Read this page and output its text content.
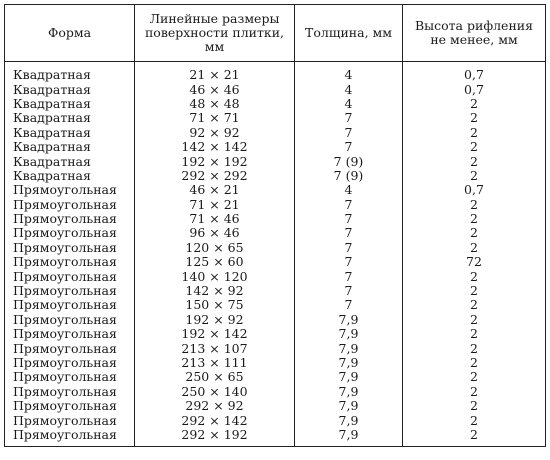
Форма	Линейные размеры поверхности плитки, мм	Толщина, мм	Высота рифления не менее, мм
Квадратная	21 × 21	4	0,7
Квадратная	46 × 46	4	0,7
Квадратная	48 × 48	4	2
Квадратная	71 × 71	7	2
Квадратная	92 × 92	7	2
Квадратная	142 × 142	7	2
Квадратная	192 × 192	7 (9)	2
Квадратная	292 × 292	7 (9)	2
Прямоугольная	46 × 21	4	0,7
Прямоугольная	71 × 21	7	2
Прямоугольная	71 × 46	7	2
Прямоугольная	96 × 46	7	2
Прямоугольная	120 × 65	7	2
Прямоугольная	125 × 60	7	72
Прямоугольная	140 × 120	7	2
Прямоугольная	142 × 92	7	2
Прямоугольная	150 × 75	7	2
Прямоугольная	192 × 92	7,9	2
Прямоугольная	192 × 142	7,9	2
Прямоугольная	213 × 107	7,9	2
Прямоугольная	213 × 111	7,9	2
Прямоугольная	250 × 65	7,9	2
Прямоугольная	250 × 140	7,9	2
Прямоугольная	292 × 92	7,9	2
Прямоугольная	292 × 142	7,9	2
Прямоугольная	292 × 192	7,9	2
